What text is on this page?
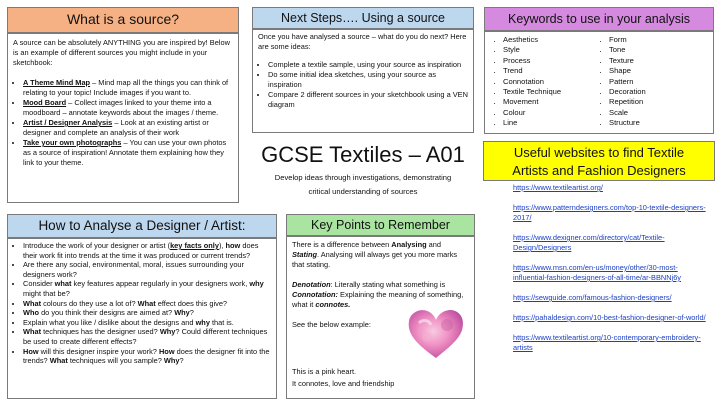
What is a source?
A source can be absolutely ANYTHING you are inspired by! Below is an example of different sources you might include in your sketchbook:
• A Theme Mind Map – Mind map all the things you can think of relating to your topic! Include images if you want to.
• Mood Board – Collect images linked to your theme into a moodboard – annotate keywords about the images / theme.
• Artist / Designer Analysis – Look at an existing artist or designer and complete an analysis of their work
• Take your own photographs – You can use your own photos as a source of inspiration! Annotate them explaining how they link to your theme.
Next Steps…. Using a source
Once you have analysed a source – what do you do next? Here are some ideas:
• Complete a textile sample, using your source as inspiration
• Do some initial idea sketches, using your source as inspiration
• Compare 2 different sources in your sketchbook using a VEN diagram
Keywords to use in your analysis
• Aesthetics
• Style
• Process
• Trend
• Connotation
• Textile Technique
• Movement
• Colour
• Line
• Form
• Tone
• Texture
• Shape
• Pattern
• Decoration
• Repetition
• Scale
• Structure
GCSE Textiles – A01
Develop ideas through investigations, demonstrating
critical understanding of sources
Useful websites to find Textile
Artists and Fashion Designers

https://www.textileartist.org/

https://www.patterndesigners.com/top-10-textile-designers-2017/

https://www.dexigner.com/directory/cat/Textile-Design/Designers

https://www.msn.com/en-us/money/other/30-most-influential-fashion-designers-of-all-time/ar-BBNNj6y

https://sewguide.com/famous-fashion-designers/

https://pahaldesign.com/10-best-fashion-designer-of-world/

https://www.textileartist.org/10-contemporary-embroidery-artists

How to Analyse a Designer / Artist:
• Introduce the work of your designer or artist (key facts only), how does their work fit into trends at the time it was produced or current trends?
• Are there any social, environmental, moral, issues surrounding your designers work?
• Consider what key features appear regularly in your designers work, why might that be?
• What colours do they use a lot of? What effect does this give?
• Who do you think their designs are aimed at? Why?
• Explain what you like / dislike about the designs and why that is.
• What techniques has the designer used? Why? Could different techniques be used to create different effects?
• How will this designer inspire your work? How does the designer fit into the trends? What techniques will you sample? Why?
Key Points to Remember
There is a difference between Analysing and Stating. Analysing will always get you more marks that stating.
Denotation: Literally stating what something is
Connotation: Explaining the meaning of something, what it connotes.
See the below example:
This is a pink heart.
It connotes, love and friendship
